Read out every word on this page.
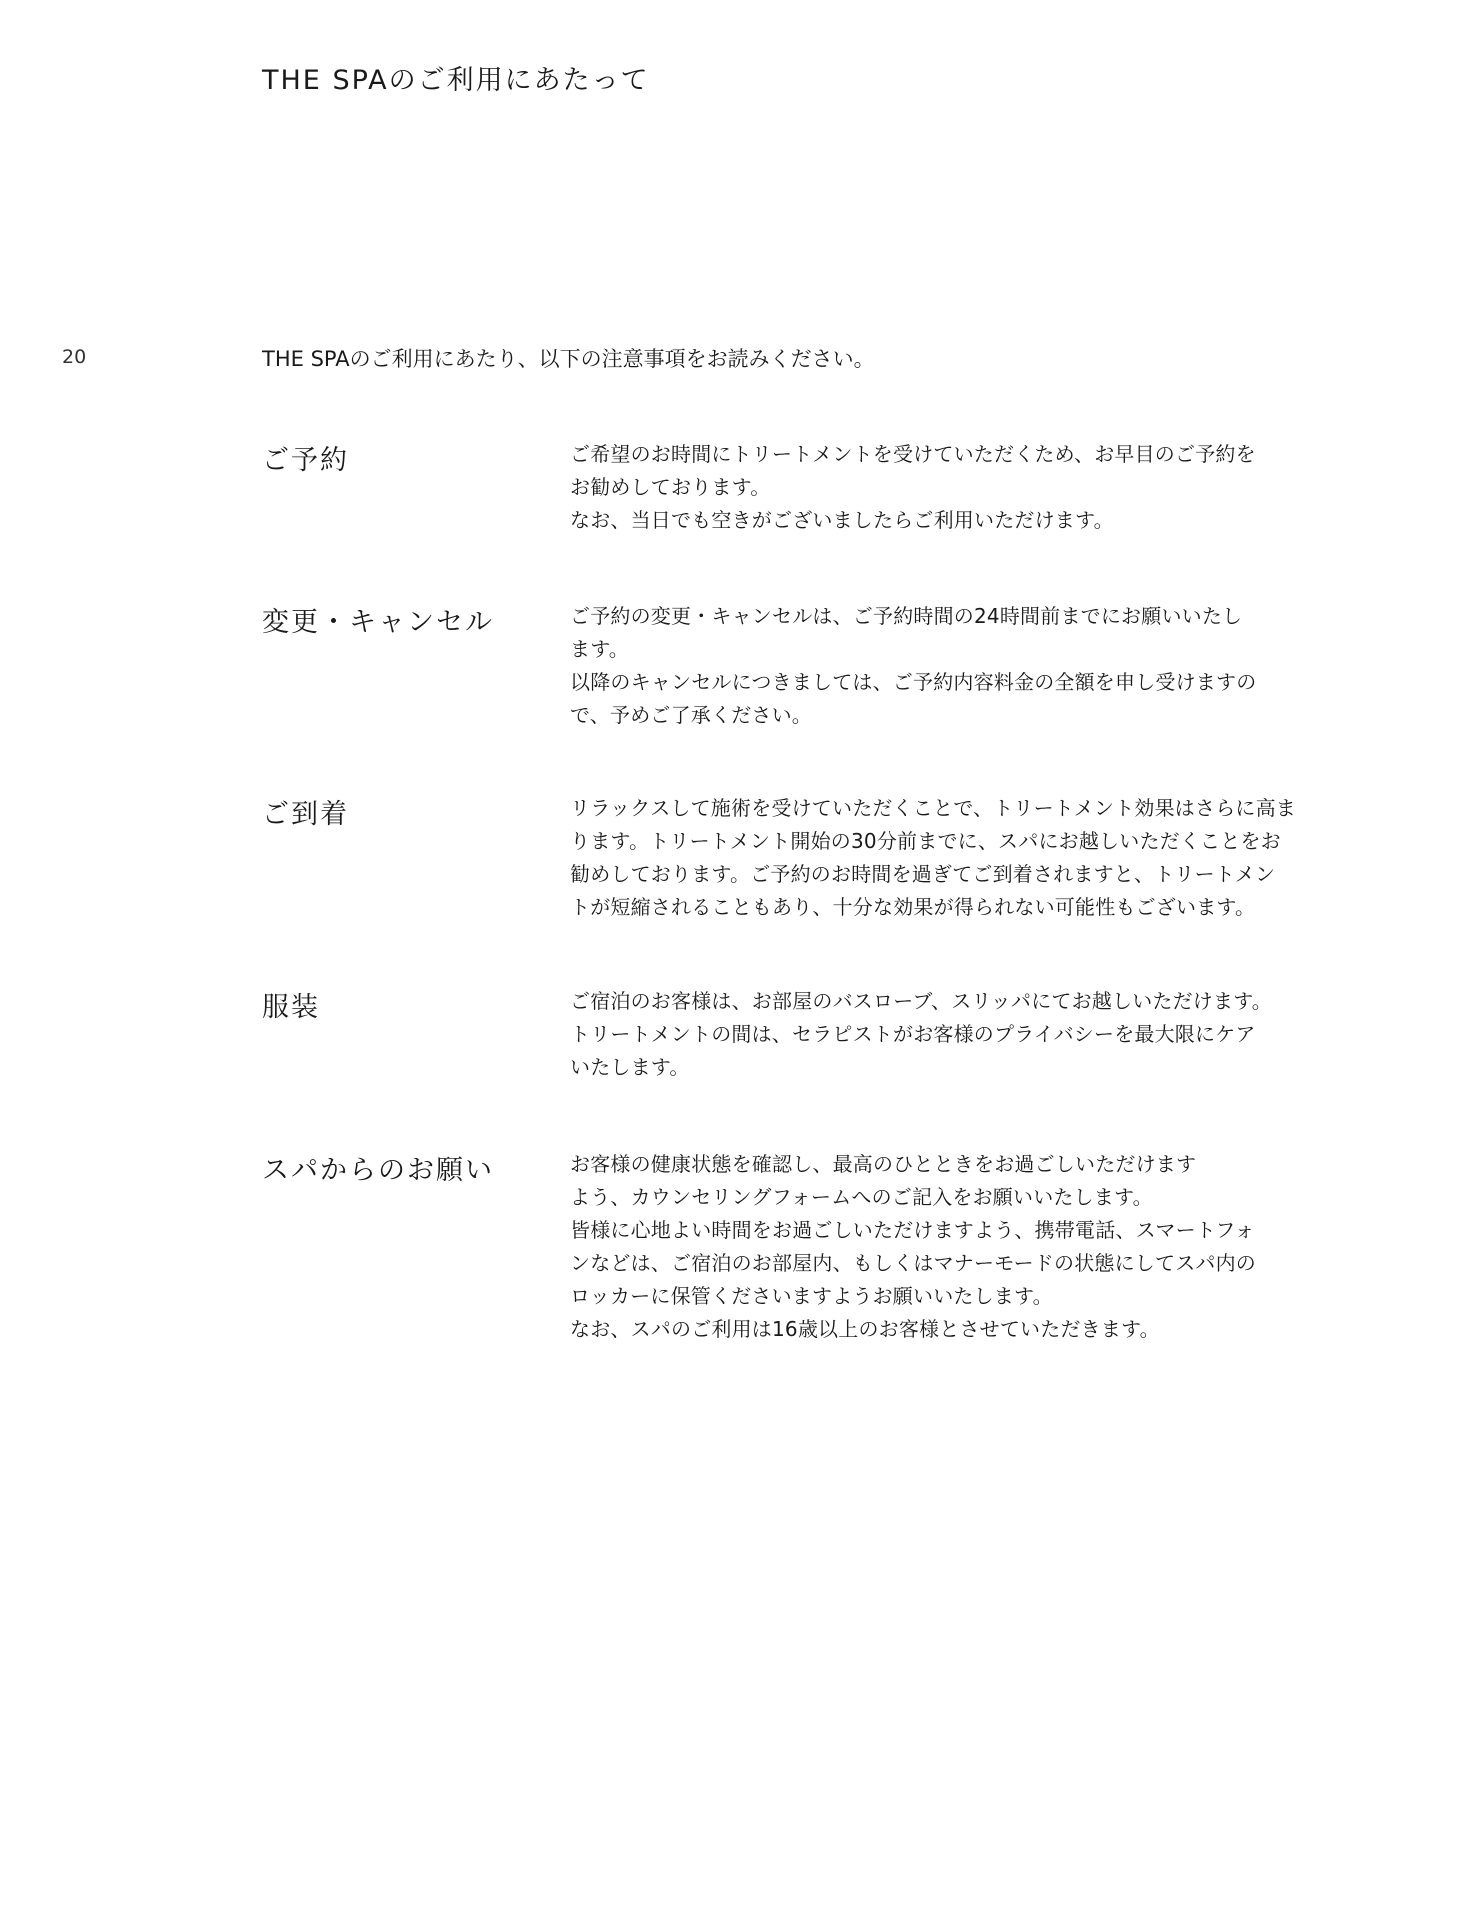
THE SPAのご利用にあたって
20	THE SPAのご利用にあたり、以下の注意事項をお読みください。
ご予約	ご希望のお時間にトリートメントを受けていただくため、お早目のご予約を
お勧めしております。
なお、当日でも空きがございましたらご利用いただけます。
変更・キャンセル	ご予約の変更・キャンセルは、ご予約時間の24時間前までにお願いいたし
ます。
以降のキャンセルにつきましては、ご予約内容料金の全額を申し受けますの
で、予めご了承ください。
ご到着	リラックスして施術を受けていただくことで、トリートメント効果はさらに高ま
ります。トリートメント開始の30分前までに、スパにお越しいただくことをお
勧めしております。ご予約のお時間を過ぎてご到着されますと、トリートメン
トが短縮されることもあり、十分な効果が得られない可能性もございます。
服装	ご宿泊のお客様は、お部屋のバスローブ、スリッパにてお越しいただけます。
トリートメントの間は、セラピストがお客様のプライバシーを最大限にケア
いたします。
スパからのお願い	お客様の健康状態を確認し、最高のひとときをお過ごしいただけます
よう、カウンセリングフォームへのご記入をお願いいたします。
皆様に心地よい時間をお過ごしいただけますよう、携帯電話、スマートフォ
ンなどは、ご宿泊のお部屋内、もしくはマナーモードの状態にしてスパ内の
ロッカーに保管くださいますようお願いいたします。
なお、スパのご利用は16歳以上のお客様とさせていただきます。
